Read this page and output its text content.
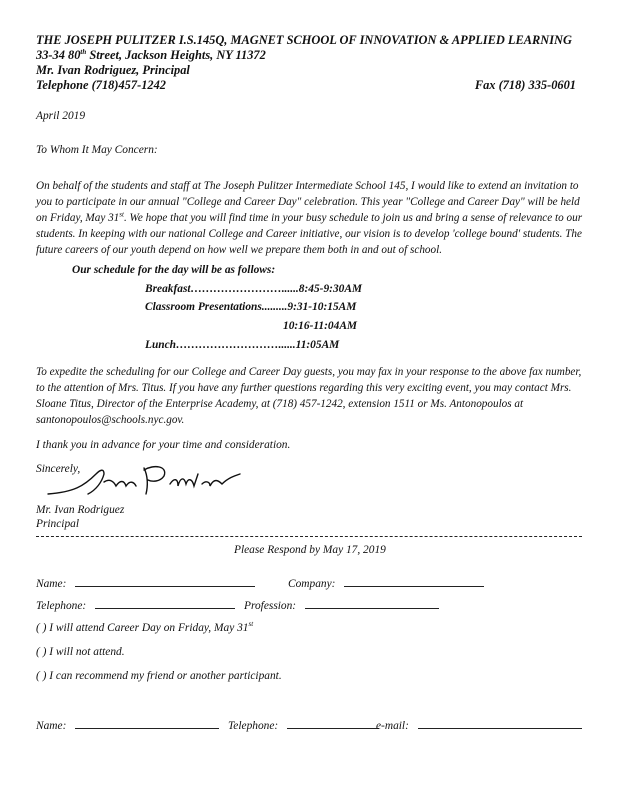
THE JOSEPH PULITZER I.S.145Q, MAGNET SCHOOL OF INNOVATION & APPLIED LEARNING
33-34 80th Street, Jackson Heights, NY 11372
Mr. Ivan Rodriguez, Principal
Telephone (718)457-1242	Fax (718) 335-0601
April 2019
To Whom It May Concern:
On behalf of the students and staff at The Joseph Pulitzer Intermediate School 145, I would like to extend an invitation to you to participate in our annual "College and Career Day" celebration. This year "College and Career Day" will be held on Friday, May 31st. We hope that you will find time in your busy schedule to join us and bring a sense of relevance to our students. In keeping with our national College and Career initiative, our vision is to develop 'college bound' students. The future careers of our youth depend on how well we prepare them both in and out of school.
Our schedule for the day will be as follows:
Breakfast……………………......8:45-9:30AM
Classroom Presentations.........9:31-10:15AM
10:16-11:04AM
Lunch………………………......11:05AM
To expedite the scheduling for our College and Career Day guests, you may fax in your response to the above fax number, to the attention of Mrs. Titus. If you have any further questions regarding this very exciting event, you may contact Mrs. Sloane Titus, Director of the Enterprise Academy, at (718) 457-1242, extension 1511 or Ms. Antonopoulos at santonopoulos@schools.nyc.gov.
I thank you in advance for your time and consideration.
Sincerely,
Mr. Ivan Rodriguez
Principal
Please Respond by May 17, 2019
Name:	Company:
Telephone:	Profession:
( ) I will attend Career Day on Friday, May 31st
( ) I will not attend.
( ) I can recommend my friend or another participant.
Name:	Telephone:	e-mail:
